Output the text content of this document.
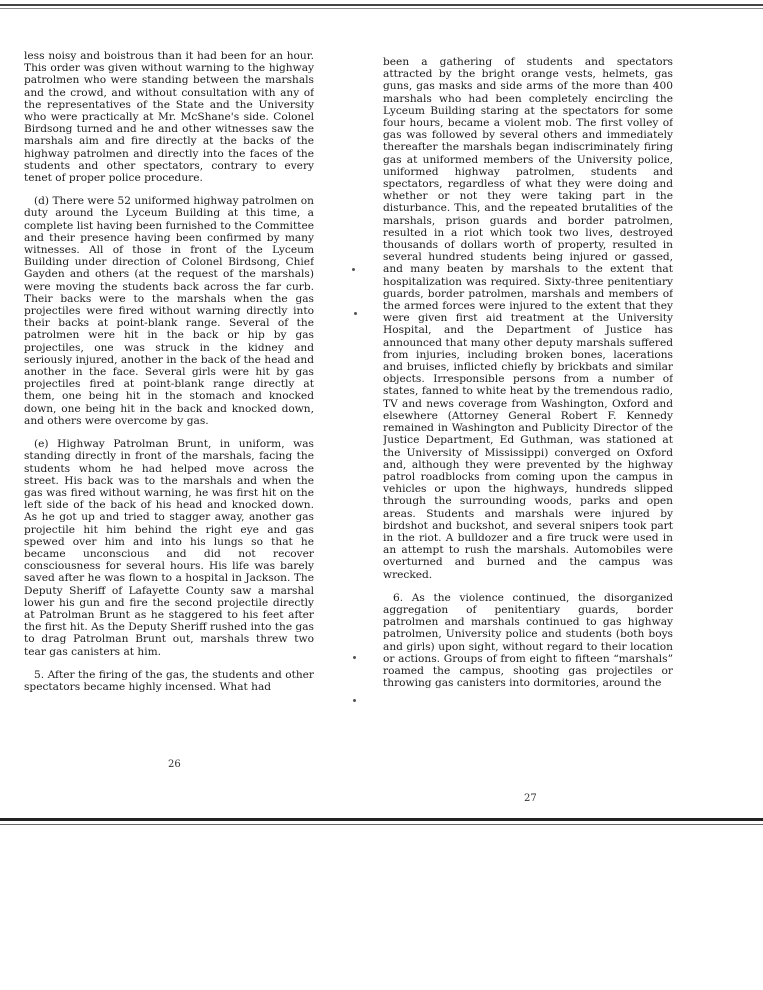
less noisy and boistrous than it had been for an hour. This order was given without warning to the highway patrolmen who were standing between the marshals and the crowd, and without consultation with any of the representatives of the State and the University who were practically at Mr. McShane's side. Colonel Birdsong turned and he and other witnesses saw the marshals aim and fire directly at the backs of the highway patrolmen and directly into the faces of the students and other spectators, contrary to every tenet of proper police procedure.

(d) There were 52 uniformed highway patrolmen on duty around the Lyceum Building at this time, a complete list having been furnished to the Committee and their presence having been confirmed by many witnesses. All of those in front of the Lyceum Building under direction of Colonel Birdsong, Chief Gayden and others (at the request of the marshals) were moving the students back across the far curb. Their backs were to the marshals when the gas projectiles were fired without warning directly into their backs at point-blank range. Several of the patrolmen were hit in the back or hip by gas projectiles, one was struck in the kidney and seriously injured, another in the back of the head and another in the face. Several girls were hit by gas projectiles fired at point-blank range directly at them, one being hit in the stomach and knocked down, one being hit in the back and knocked down, and others were overcome by gas.

(e) Highway Patrolman Brunt, in uniform, was standing directly in front of the marshals, facing the students whom he had helped move across the street. His back was to the marshals and when the gas was fired without warning, he was first hit on the left side of the back of his head and knocked down. As he got up and tried to stagger away, another gas projectile hit him behind the right eye and gas spewed over him and into his lungs so that he became unconscious and did not recover consciousness for several hours. His life was barely saved after he was flown to a hospital in Jackson. The Deputy Sheriff of Lafayette County saw a marshal lower his gun and fire the second projectile directly at Patrolman Brunt as he staggered to his feet after the first hit. As the Deputy Sheriff rushed into the gas to drag Patrolman Brunt out, marshals threw two tear gas canisters at him.

5. After the firing of the gas, the students and other spectators became highly incensed. What had

26

been a gathering of students and spectators attracted by the bright orange vests, helmets, gas guns, gas masks and side arms of the more than 400 marshals who had been completely encircling the Lyceum Building staring at the spectators for some four hours, became a violent mob. The first volley of gas was followed by several others and immediately thereafter the marshals began indiscriminately firing gas at uniformed members of the University police, uniformed highway patrolmen, students and spectators, regardless of what they were doing and whether or not they were taking part in the disturbance. This, and the repeated brutalities of the marshals, prison guards and border patrolmen, resulted in a riot which took two lives, destroyed thousands of dollars worth of property, resulted in several hundred students being injured or gassed, and many beaten by marshals to the extent that hospitalization was required. Sixty-three penitentiary guards, border patrolmen, marshals and members of the armed forces were injured to the extent that they were given first aid treatment at the University Hospital, and the Department of Justice has announced that many other deputy marshals suffered from injuries, including broken bones, lacerations and bruises, inflicted chiefly by brickbats and similar objects. Irresponsible persons from a number of states, fanned to white heat by the tremendous radio, TV and news coverage from Washington, Oxford and elsewhere (Attorney General Robert F. Kennedy remained in Washington and Publicity Director of the Justice Department, Ed Guthman, was stationed at the University of Mississippi) converged on Oxford and, although they were prevented by the highway patrol roadblocks from coming upon the campus in vehicles or upon the highways, hundreds slipped through the surrounding woods, parks and open areas. Students and marshals were injured by birdshot and buckshot, and several snipers took part in the riot. A bulldozer and a fire truck were used in an attempt to rush the marshals. Automobiles were overturned and burned and the campus was wrecked.

6. As the violence continued, the disorganized aggregation of penitentiary guards, border patrolmen and marshals continued to gas highway patrolmen, University police and students (both boys and girls) upon sight, without regard to their location or actions. Groups of from eight to fifteen “marshals” roamed the campus, shooting gas projectiles or throwing gas canisters into dormitories, around the

27
